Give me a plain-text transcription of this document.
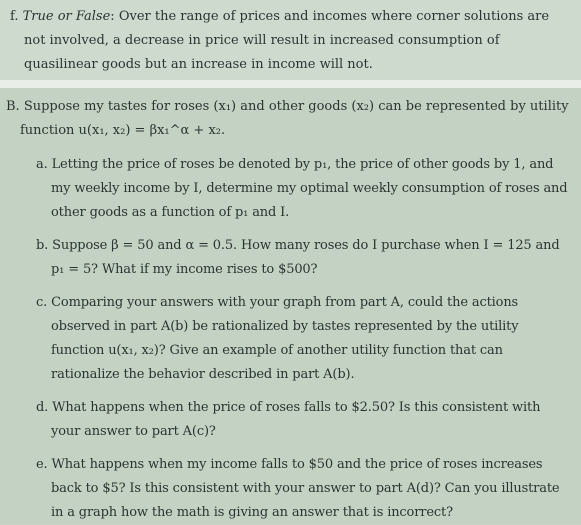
f. True or False: Over the range of prices and incomes where corner solutions are not involved, a decrease in price will result in increased consumption of quasilinear goods but an increase in income will not.

B. Suppose my tastes for roses (x₁) and other goods (x₂) can be represented by utility

function u(x₁, x₂) = βx₁^α + x₂.

a. Letting the price of roses be denoted by p₁, the price of other goods by 1, and my weekly income by I, determine my optimal weekly consumption of roses and other goods as a function of p₁ and I.

b. Suppose β = 50 and α = 0.5. How many roses do I purchase when I = 125 and p₁ = 5? What if my income rises to $500?

c. Comparing your answers with your graph from part A, could the actions observed in part A(b) be rationalized by tastes represented by the utility function u(x₁, x₂)? Give an example of another utility function that can rationalize the behavior described in part A(b).

d. What happens when the price of roses falls to $2.50? Is this consistent with your answer to part A(c)?

e. What happens when my income falls to $50 and the price of roses increases back to $5? Is this consistent with your answer to part A(d)? Can you illustrate in a graph how the math is giving an answer that is incorrect?
